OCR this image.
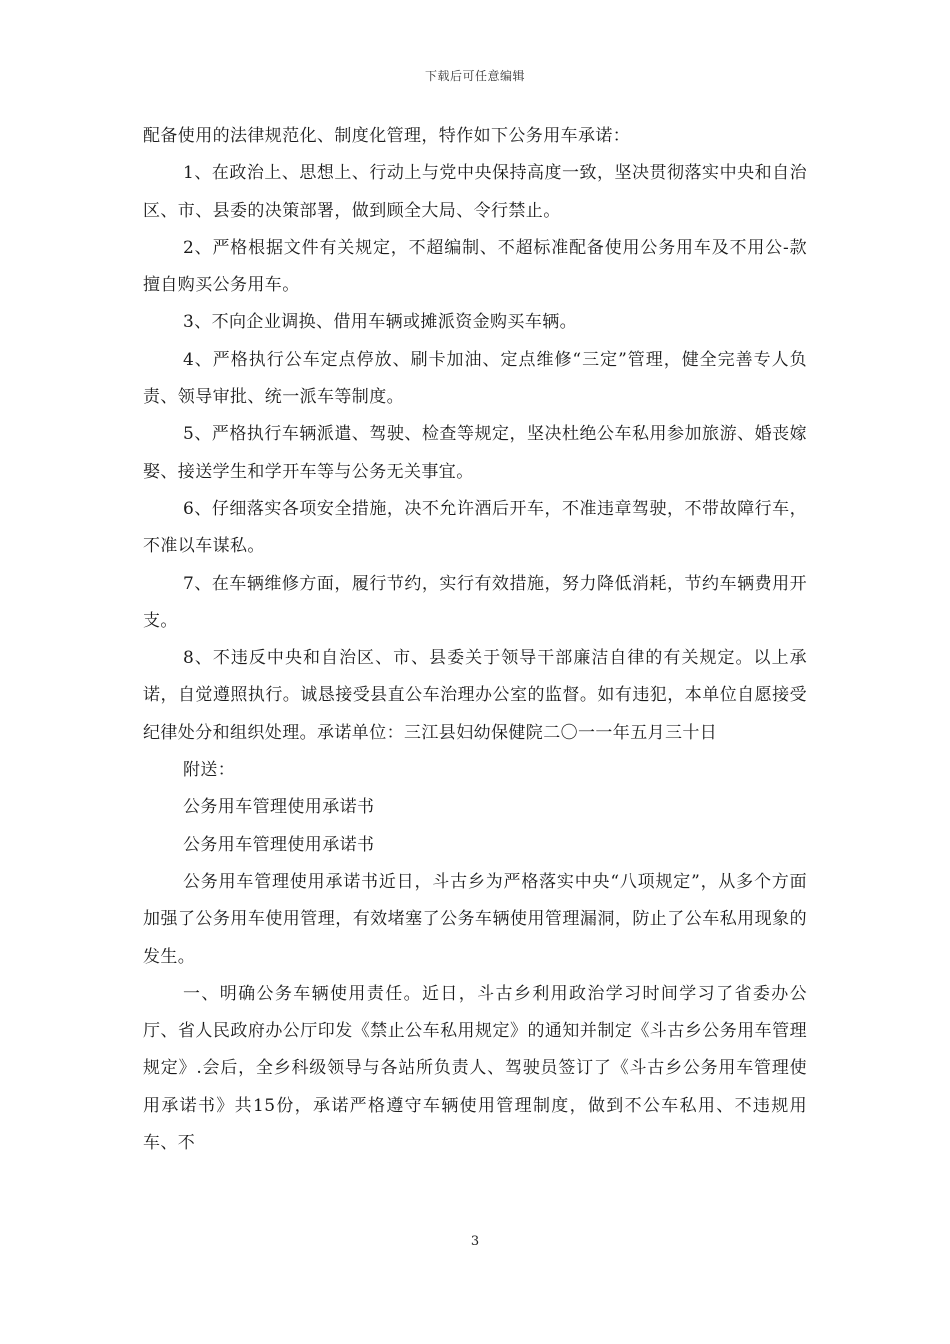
下载后可任意编辑

配备使用的法律规范化、制度化管理，特作如下公务用车承诺：

1、在政治上、思想上、行动上与党中央保持高度一致，坚决贯彻落实中央和自治区、市、县委的决策部署，做到顾全大局、令行禁止。

2、严格根据文件有关规定，不超编制、不超标准配备使用公务用车及不用公-款擅自购买公务用车。

3、不向企业调换、借用车辆或摊派资金购买车辆。

4、严格执行公车定点停放、刷卡加油、定点维修“三定”管理，健全完善专人负责、领导审批、统一派车等制度。

5、严格执行车辆派遣、驾驶、检查等规定，坚决杜绝公车私用参加旅游、婚丧嫁娶、接送学生和学开车等与公务无关事宜。

6、仔细落实各项安全措施，决不允许酒后开车，不准违章驾驶，不带故障行车，不准以车谋私。

7、在车辆维修方面，履行节约，实行有效措施，努力降低消耗，节约车辆费用开支。

8、不违反中央和自治区、市、县委关于领导干部廉洁自律的有关规定。以上承诺，自觉遵照执行。诚恳接受县直公车治理办公室的监督。如有违犯，本单位自愿接受纪律处分和组织处理。承诺单位：三江县妇幼保健院二〇一一年五月三十日

附送：

公务用车管理使用承诺书

公务用车管理使用承诺书

公务用车管理使用承诺书近日，斗古乡为严格落实中央“八项规定”，从多个方面加强了公务用车使用管理，有效堵塞了公务车辆使用管理漏洞，防止了公车私用现象的发生。

一、明确公务车辆使用责任。近日，斗古乡利用政治学习时间学习了省委办公厅、省人民政府办公厅印发《禁止公车私用规定》的通知并制定《斗古乡公务用车管理规定》.会后，全乡科级领导与各站所负责人、驾驶员签订了《斗古乡公务用车管理使用承诺书》共15份，承诺严格遵守车辆使用管理制度，做到不公车私用、不违规用车、不

3
